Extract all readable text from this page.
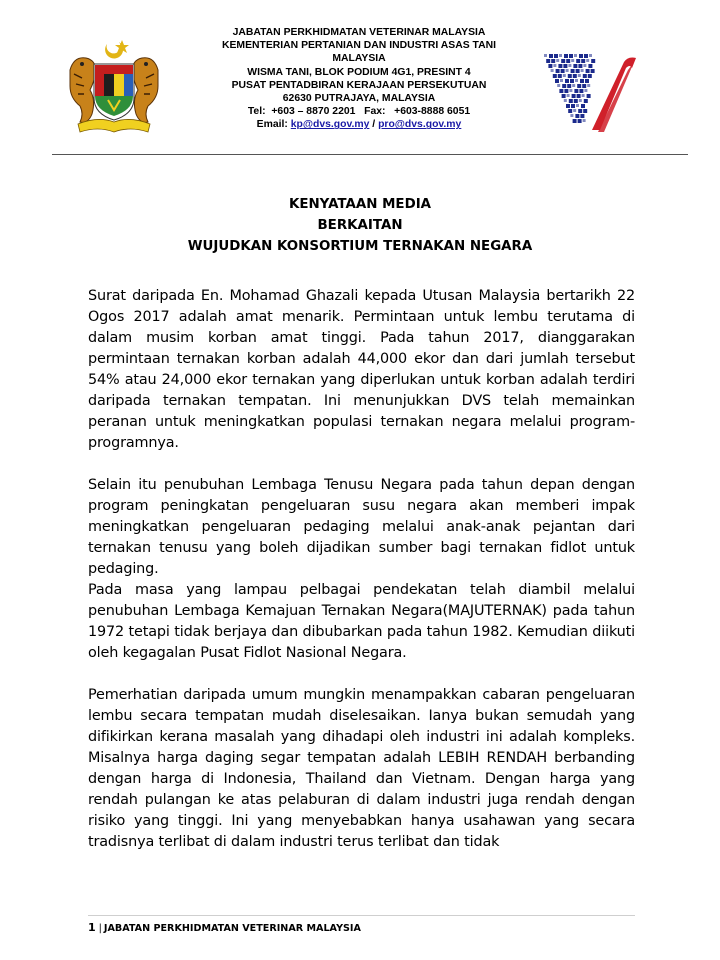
JABATAN PERKHIDMATAN VETERINAR MALAYSIA
KEMENTERIAN PERTANIAN DAN INDUSTRI ASAS TANI
MALAYSIA
WISMA TANI, BLOK PODIUM 4G1, PRESINT 4
PUSAT PENTADBIRAN KERAJAAN PERSEKUTUAN
62630 PUTRAJAYA, MALAYSIA
Tel: +603 – 8870 2201 Fax: +603-8888 6051
Email: kp@dvs.gov.my / pro@dvs.gov.my
KENYATAAN MEDIA
BERKAITAN
WUJUDKAN KONSORTIUM TERNAKAN NEGARA

Surat daripada En. Mohamad Ghazali kepada Utusan Malaysia bertarikh 22 Ogos 2017 adalah amat menarik. Permintaan untuk lembu terutama di dalam musim korban amat tinggi. Pada tahun 2017, dianggarakan permintaan ternakan korban adalah 44,000 ekor dan dari jumlah tersebut 54% atau 24,000 ekor ternakan yang diperlukan untuk korban adalah terdiri daripada ternakan tempatan. Ini menunjukkan DVS telah memainkan peranan untuk meningkatkan populasi ternakan negara melalui program-programnya.

Selain itu penubuhan Lembaga Tenusu Negara pada tahun depan dengan program peningkatan pengeluaran susu negara akan memberi impak meningkatkan pengeluaran pedaging melalui anak-anak pejantan dari ternakan tenusu yang boleh dijadikan sumber bagi ternakan fidlot untuk pedaging.

Pada masa yang lampau pelbagai pendekatan telah diambil melalui penubuhan Lembaga Kemajuan Ternakan Negara(MAJUTERNAK) pada tahun 1972 tetapi tidak berjaya dan dibubarkan pada tahun 1982. Kemudian diikuti oleh kegagalan Pusat Fidlot Nasional Negara.

Pemerhatian daripada umum mungkin menampakkan cabaran pengeluaran lembu secara tempatan mudah diselesaikan. Ianya bukan semudah yang difikirkan kerana masalah yang dihadapi oleh industri ini adalah kompleks. Misalnya harga daging segar tempatan adalah LEBIH RENDAH berbanding dengan harga di Indonesia, Thailand dan Vietnam. Dengan harga yang rendah pulangan ke atas pelaburan di dalam industri juga rendah dengan risiko yang tinggi. Ini yang menyebabkan hanya usahawan yang secara tradisnya terlibat di dalam industri terus terlibat dan tidak

1 | JABATAN PERKHIDMATAN VETERINAR MALAYSIA
